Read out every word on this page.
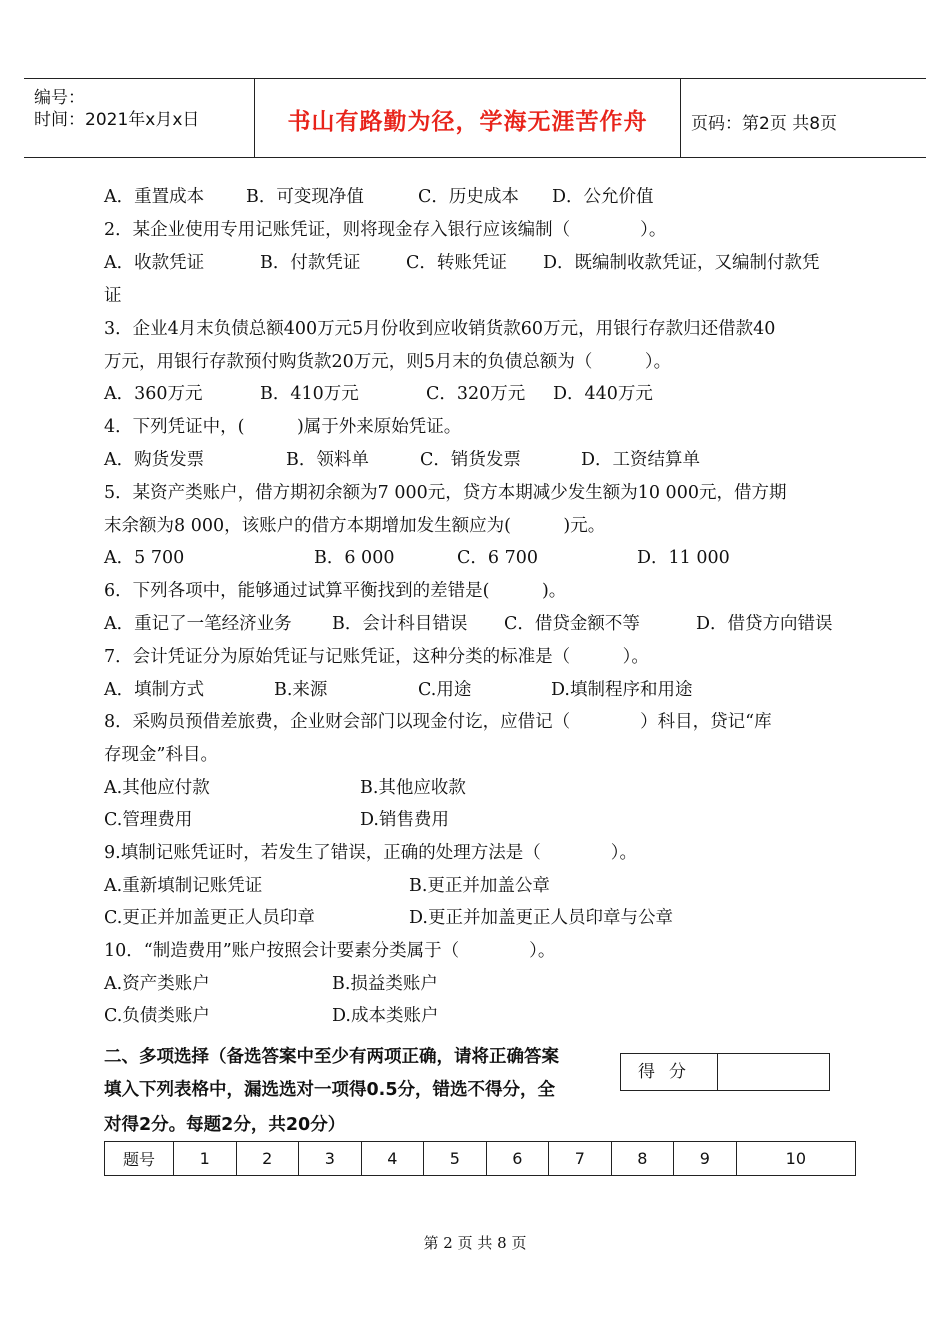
编号：
时间：2021年x月x日	书山有路勤为径，学海无涯苦作舟	页码：第2页 共8页
A．重置成本 B．可变现净值	C．历史成本 D．公允价值
2．某企业使用专用记账凭证，则将现金存入银行应该编制（　　　　）。
A．收款凭证	B．付款凭证	C．转账凭证 D．既编制收款凭证，又编制付款凭
证
3．企业4月末负债总额400万元5月份收到应收销货款60万元，用银行存款归还借款40
万元，用银行存款预付购货款20万元，则5月末的负债总额为（　　　）。
A．360万元	B．410万元	C．320万元 D．440万元
4．下列凭证中，(　　　)属于外来原始凭证。
A．购货发票	B．领料单	C．销货发票	D．工资结算单
5．某资产类账户，借方期初余额为7 000元，贷方本期减少发生额为10 000元，借方期
末余额为8 000，该账户的借方本期增加发生额应为(　　　)元。
A．5 700	B．6 000	C．6 700	D．11 000
6．下列各项中，能够通过试算平衡找到的差错是(　　　)。
A．重记了一笔经济业务 B．会计科目错误 C．借贷金额不等	D．借贷方向错误
7．会计凭证分为原始凭证与记账凭证，这种分类的标准是（　　　）。
A．填制方式	B.来源	C.用途	D.填制程序和用途
8．采购员预借差旅费，企业财会部门以现金付讫，应借记（　　　　）科目，贷记“库
存现金”科目。
A.其他应付款	B.其他应收款
C.管理费用	D.销售费用
9.填制记账凭证时，若发生了错误，正确的处理方法是（　　　　）。
A.重新填制记账凭证	B.更正并加盖公章
C.更正并加盖更正人员印章	D.更正并加盖更正人员印章与公章
10．“制造费用”账户按照会计要素分类属于（　　　　）。
A.资产类账户	B.损益类账户
C.负债类账户	D.成本类账户
二、多项选择（备选答案中至少有两项正确，请将正确答案
填入下列表格中，漏选选对一项得0.5分，错选不得分，全
对得2分。每题2分，共20分）
得分
题号	1	2	3	4	5	6	7	8	9	10
第 2 页 共 8 页
